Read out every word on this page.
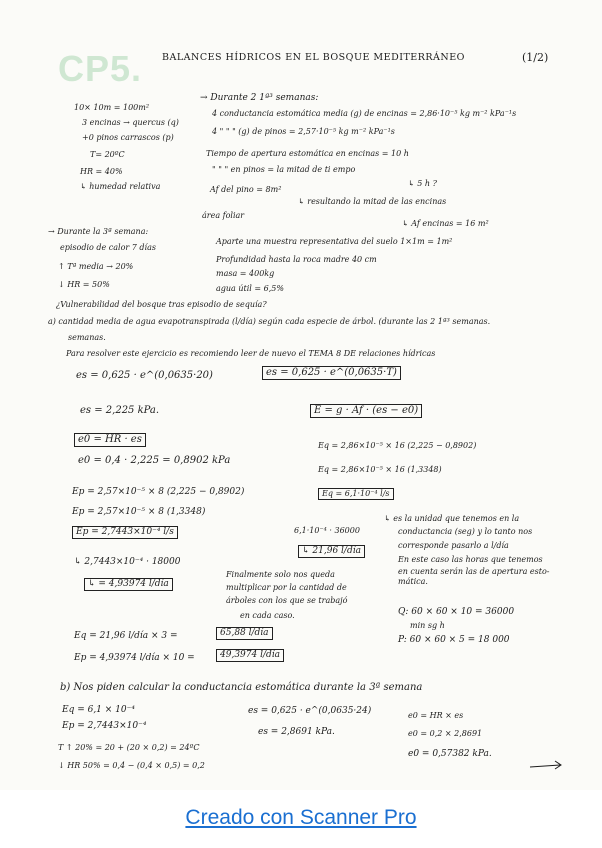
CP5. BALANCES HÍDRICOS EN EL BOSQUE MEDITERRÁNEO	(1/2)
10× 10m = 100m²
3 encinas → quercus (q)
+0 pinos carrascos (p)
T= 20ºC
HR = 40%
↳ humedad relativa
→ Durante 2 1ª³ semanas:
4 conductancia estomática media (g) de encinas = 2,86·10⁻⁵ kg m⁻² kPa⁻¹s
4 " " " (g) de pinos = 2,57·10⁻⁵ kg m⁻² kPa⁻¹s
Tiempo de apertura estomática en encinas = 10 h
" " " en pinos = la mitad de ti empo
↳ 5 h ?
Af del pino = 8m²
↳ resultando la mitad de las encinas
área foliar
↳ Af encinas = 16 m²
→ Durante la 3ª semana:
episodio de calor 7 días
↑ Tª media → 20%
↓ HR = 50%
Aparte una muestra representativa del suelo 1×1m = 1m²
Profundidad hasta la roca madre 40 cm
masa = 400kg
agua útil = 6,5%
¿Vulnerabilidad del bosque tras episodio de sequía?
a) cantidad media de agua evapotranspirada (l/día) según cada especie de árbol. (durante las 2 1ª³ semanas.
semanas.
Para resolver este ejercicio es recomiendo leer de nuevo el TEMA 8 DE relaciones hídricas
es = 0,625 · e^(0,0635·20)	es = 0,625 · e^(0,0635·T)
es = 2,225 kPa.	E = g · Af · (es − e0)
e0 = HR · es
e0 = 0,4 · 2,225 = 0,8902 kPa
Eq = 2,86×10⁻⁵ × 16 (2,225 − 0,8902)
Eq = 2,86×10⁻⁵ × 16 (1,3348)
Eq = 6,1·10⁻⁴ l/s
Ep = 2,57×10⁻⁵ × 8 (2,225 − 0,8902)
Ep = 2,57×10⁻⁵ × 8 (1,3348)
Ep = 2,7443×10⁻⁴ l/s
↳ 2,7443×10⁻⁴ · 18000
↳ = 4,93974 l/día
↳ es la unidad que tenemos en la
conductancia (seg) y lo tanto nos
corresponde pasarlo a l/día
En este caso las horas que tenemos
en cuenta serán las de apertura esto-
mática.
6,1·10⁻⁴ · 36000
↳ 21,96 l/día
Finalmente solo nos queda
multiplicar por la cantidad de
árboles con los que se trabajó
en cada caso.	Q: 60 × 60 × 10 = 36000
min sg h
P: 60 × 60 × 5 = 18 000
Eq = 21,96 l/día × 3 =	65,88 l/día
Ep = 4,93974 l/día × 10 =	49,3974 l/día
b) Nos piden calcular la conductancia estomática durante la 3ª semana
Eq = 6,1 × 10⁻⁴
Ep = 2,7443×10⁻⁴
es = 0,625 · e^(0,0635·24)
es = 2,8691 kPa.
T ↑ 20% = 20 + (20 × 0,2) = 24ºC
↓ HR 50% = 0,4 − (0,4 × 0,5) = 0,2
e0 = HR × es
e0 = 0,2 × 2,8691
e0 = 0,57382 kPa.
Creado con Scanner Pro
